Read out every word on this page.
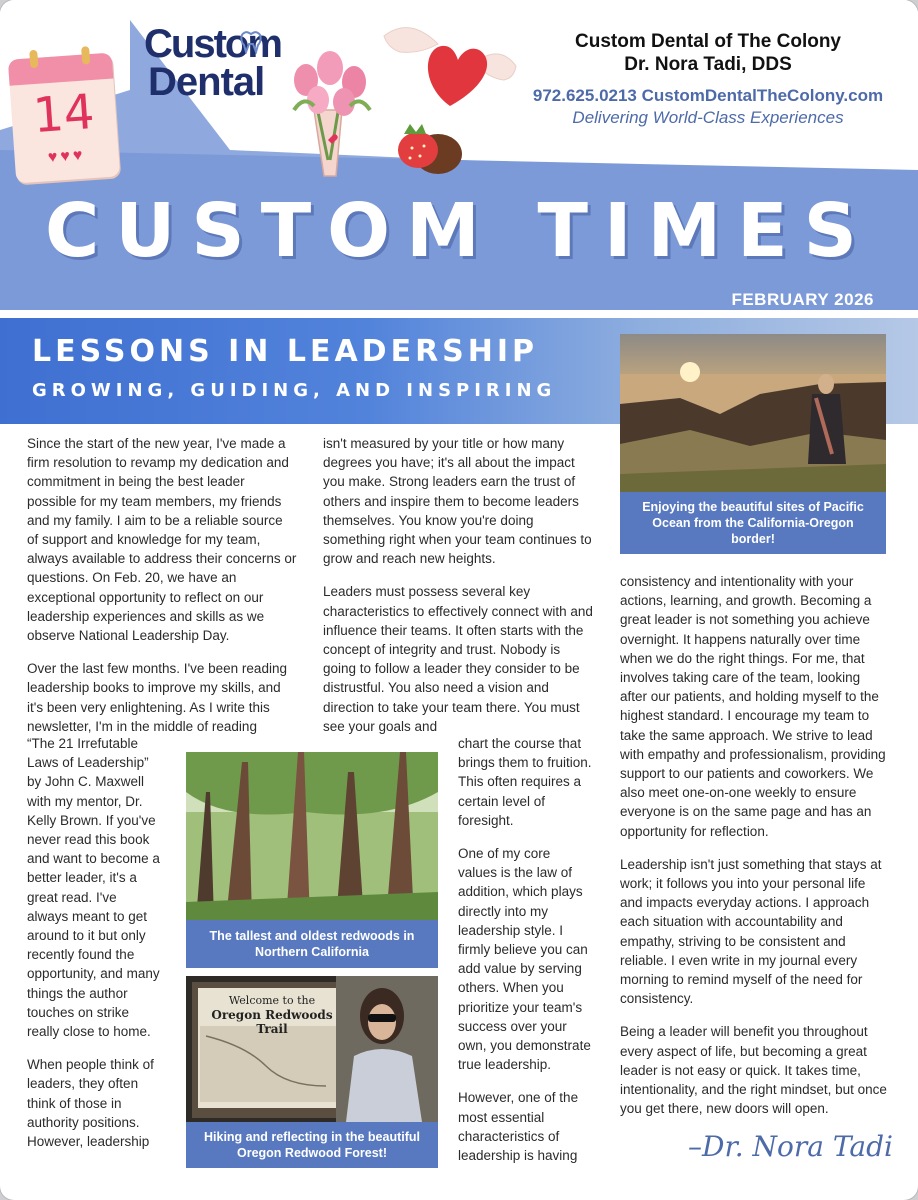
14
♥♥♥
Custom
Dental
Custom Dental of The Colony
Dr. Nora Tadi, DDS
972.625.0213 CustomDentalTheColony.com
Delivering World-Class Experiences
CUSTOM TIMES
FEBRUARY 2026
LESSONS IN LEADERSHIP
GROWING, GUIDING, AND INSPIRING
Enjoying the beautiful sites of Pacific Ocean from the California-Oregon border!
The tallest and oldest redwoods in Northern California
Welcome to the
Oregon Redwoods Trail
Hiking and reflecting in the beautiful Oregon Redwood Forest!

Since the start of the new year, I've made a firm resolution to revamp my dedication and commitment in being the best leader possible for my team members, my friends and my family. I aim to be a reliable source of support and knowledge for my team, always available to address their concerns or questions. On Feb. 20, we have an exceptional opportunity to reflect on our leadership experiences and skills as we observe National Leadership Day.

Over the last few months. I've been reading leadership books to improve my skills, and it's been very enlightening. As I write this newsletter, I'm in the middle of reading

“The 21 Irrefutable Laws of Leadership” by John C. Maxwell with my mentor, Dr. Kelly Brown. If you've never read this book and want to become a better leader, it's a great read. I've always meant to get around to it but only recently found the opportunity, and many things the author touches on strike really close to home.

When people think of leaders, they often think of those in authority positions. However, leadership

isn't measured by your title or how many degrees you have; it's all about the impact you make. Strong leaders earn the trust of others and inspire them to become leaders themselves. You know you're doing something right when your team continues to grow and reach new heights.

Leaders must possess several key characteristics to effectively connect with and influence their teams. It often starts with the concept of integrity and trust. Nobody is going to follow a leader they consider to be distrustful. You also need a vision and direction to take your team there. You must see your goals and

chart the course that brings them to fruition. This often requires a certain level of foresight.

One of my core values is the law of addition, which plays directly into my leadership style. I firmly believe you can add value by serving others. When you prioritize your team's success over your own, you demonstrate true leadership.

However, one of the most essential characteristics of leadership is having

consistency and intentionality with your actions, learning, and growth. Becoming a great leader is not something you achieve overnight. It happens naturally over time when we do the right things. For me, that involves taking care of the team, looking after our patients, and holding myself to the highest standard. I encourage my team to take the same approach. We strive to lead with empathy and professionalism, providing support to our patients and coworkers. We also meet one-on-one weekly to ensure everyone is on the same page and has an opportunity for reflection.

Leadership isn't just something that stays at work; it follows you into your personal life and impacts everyday actions. I approach each situation with accountability and empathy, striving to be consistent and reliable. I even write in my journal every morning to remind myself of the need for consistency.

Being a leader will benefit you throughout every aspect of life, but becoming a great leader is not easy or quick. It takes time, intentionality, and the right mindset, but once you get there, new doors will open.

–Dr. Nora Tadi
